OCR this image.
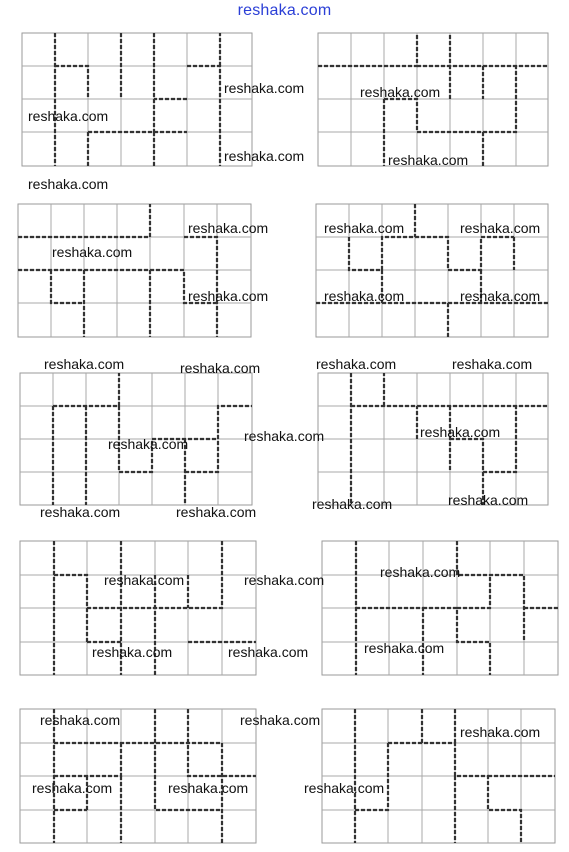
reshaka.com
reshaka.com	reshaka.com
reshaka.com
reshaka.com	reshaka.com
reshaka.com
reshaka.com	reshaka.com	reshaka.com
reshaka.com
reshaka.com	reshaka.com	reshaka.com
reshaka.com	reshaka.com	reshaka.com
reshaka.com
reshaka.com
reshaka.com
reshaka.com
reshaka.com
reshaka.com
reshaka.com	reshaka.com
reshaka.com
reshaka.com	reshaka.com
reshaka.com
reshaka.com	reshaka.com
reshaka.com	reshaka.com
reshaka.com
reshaka.com	reshaka.com	reshaka.com
